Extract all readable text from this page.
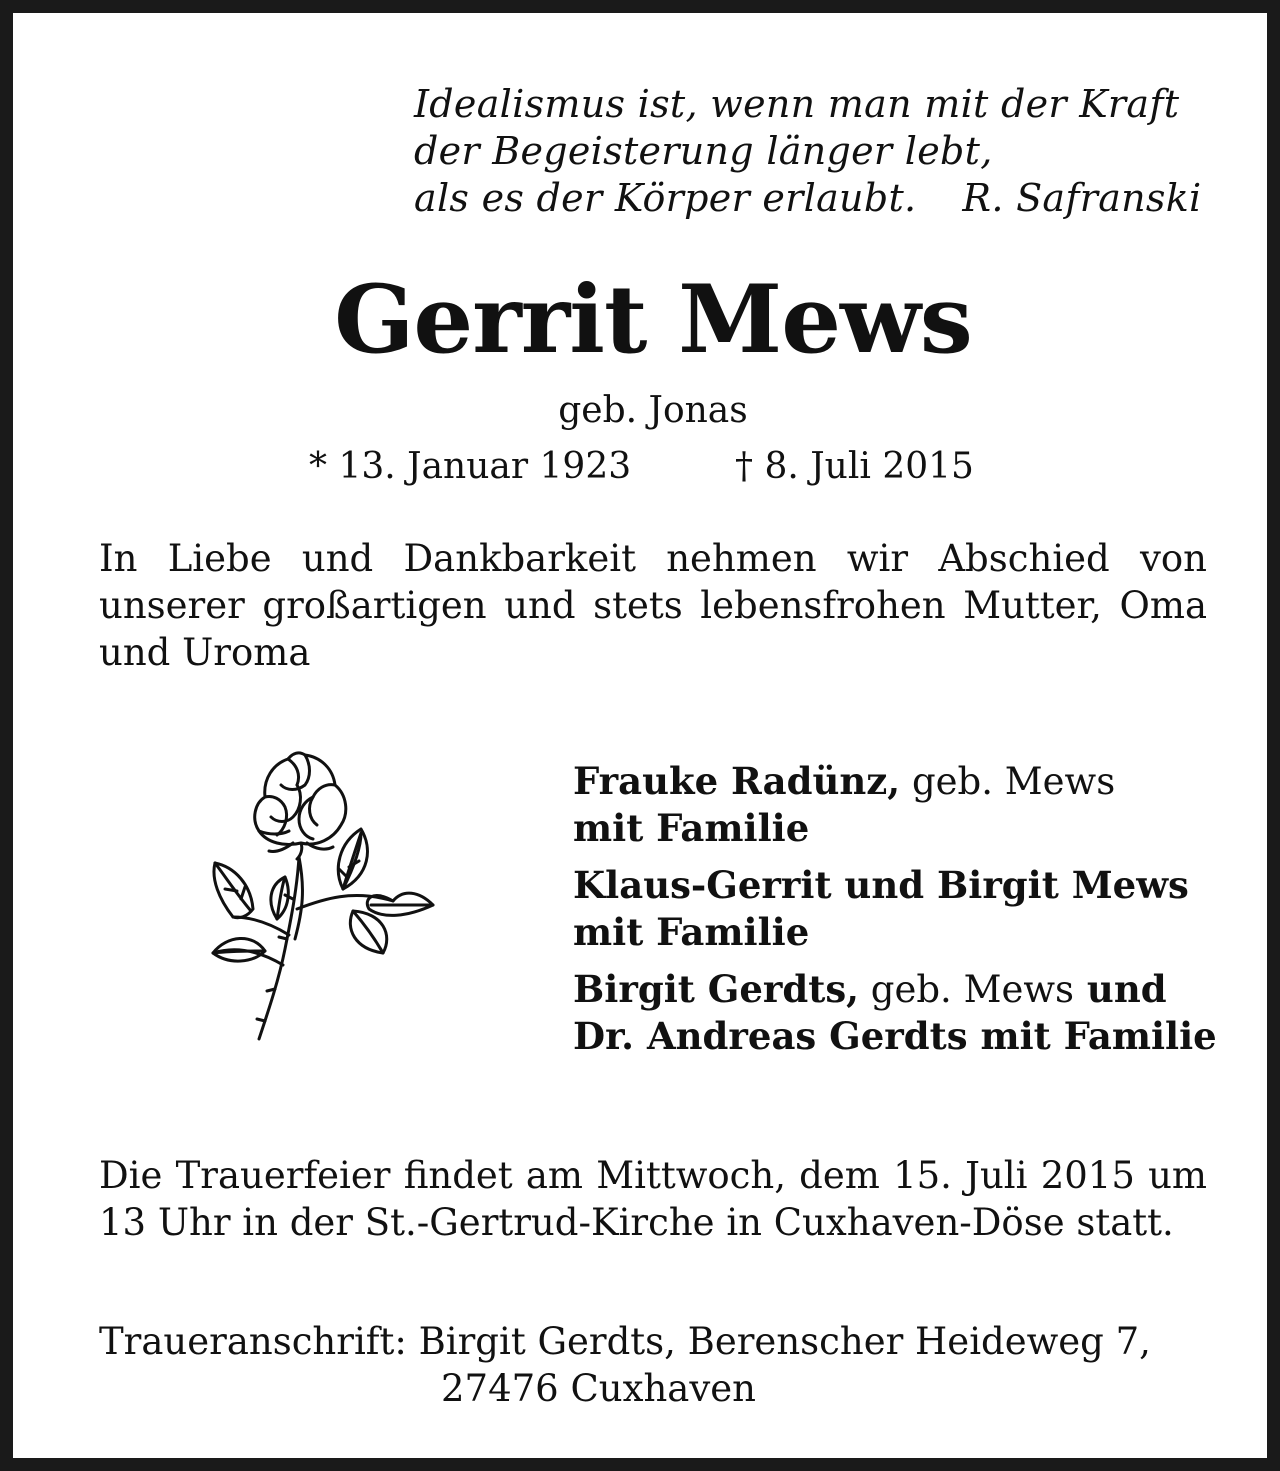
Idealismus ist, wenn man mit der Kraft
der Begeisterung länger lebt,
als es der Körper erlaubt. R. Safranski
Gerrit Mews
geb. Jonas
* 13. Januar 1923	† 8. Juli 2015
In Liebe und Dankbarkeit nehmen wir Abschied von unserer großartigen und stets lebensfrohen Mutter, Oma und Uroma
Frauke Radünz, geb. Mews
mit Familie
Klaus-Gerrit und Birgit Mews
mit Familie
Birgit Gerdts, geb. Mews und
Dr. Andreas Gerdts mit Familie
Die Trauerfeier findet am Mittwoch, dem 15. Juli 2015 um 13 Uhr in der St.-Gertrud-Kirche in Cuxhaven-Döse statt.
Traueranschrift: Birgit Gerdts, Berenscher Heideweg 7,
27476 Cuxhaven
